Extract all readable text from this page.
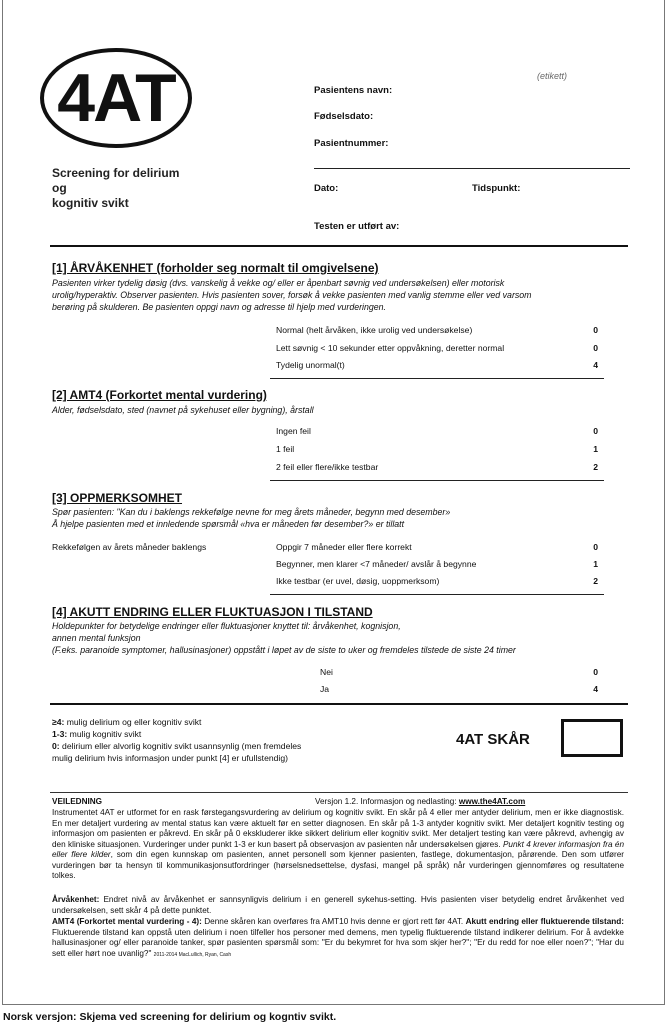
4AT
Screening for delirium
og
kognitiv svikt
(etikett)
Pasientens navn:
Fødselsdato:
Pasientnummer:
Dato:	Tidspunkt:
Testen er utført av:
[1] ÅRVÅKENHET (forholder seg normalt til omgivelsene)
Pasienten virker tydelig døsig (dvs. vanskelig å vekke og/ eller er åpenbart søvnig ved undersøkelsen) eller motorisk
urolig/hyperaktiv. Observer pasienten. Hvis pasienten sover, forsøk å vekke pasienten med vanlig stemme eller ved varsom
berøring på skulderen. Be pasienten oppgi navn og adresse til hjelp med vurderingen.
Normal (helt årvåken, ikke urolig ved undersøkelse)	0
Lett søvnig < 10 sekunder etter oppvåkning, deretter normal	0
Tydelig unormal(t)	4
[2] AMT4 (Forkortet mental vurdering)
Alder, fødselsdato, sted (navnet på sykehuset eller bygning), årstall
Ingen feil	0
1 feil	1
2 feil eller flere/ikke testbar	2
[3] OPPMERKSOMHET
Spør pasienten: "Kan du i baklengs rekkefølge nevne for meg årets måneder, begynn med desember»
Å hjelpe pasienten med et innledende spørsmål «hva er måneden før desember?» er tillatt
Rekkefølgen av årets måneder baklengs	Oppgir 7 måneder eller flere korrekt	0
Begynner, men klarer <7 måneder/ avslår å begynne	1
Ikke testbar (er uvel, døsig, uoppmerksom)	2
[4] AKUTT ENDRING ELLER FLUKTUASJON I TILSTAND
Holdepunkter for betydelige endringer eller fluktuasjoner knyttet til: årvåkenhet, kognisjon,
annen mental funksjon
(F.eks. paranoide symptomer, hallusinasjoner) oppstått i løpet av de siste to uker og fremdeles tilstede de siste 24 timer
Nei	0
Ja	4
≥4: mulig delirium og eller kognitiv svikt
1-3: mulig kognitiv svikt
0: delirium eller alvorlig kognitiv svikt usannsynlig (men fremdeles mulig delirium hvis informasjon under punkt [4] er ufullstendig)
4AT SKÅR
VEILEDNING	Versjon 1.2. Informasjon og nedlasting: www.the4AT.com
Instrumentet 4AT er utformet for en rask førstegangsvurdering av delirium og kognitiv svikt. En skår på 4 eller mer antyder delirium, men er ikke diagnostisk. En mer detaljert vurdering av mental status kan være aktuelt før en setter diagnosen. En skår på 1-3 antyder kognitiv svikt. Mer detaljert kognitiv testing og informasjon om pasienten er påkrevd. En skår på 0 ekskluderer ikke sikkert delirium eller kognitiv svikt. Mer detaljert testing kan være påkrevd, avhengig av den kliniske situasjonen. Vurderinger under punkt 1-3 er kun basert på observasjon av pasienten når undersøkelsen gjøres. Punkt 4 krever informasjon fra én eller flere kilder, som din egen kunnskap om pasienten, annet personell som kjenner pasienten, fastlege, dokumentasjon, pårørende. Den som utfører vurderingen bør ta hensyn til kommunikasjonsutfordringer (hørselsnedsettelse, dysfasi, mangel på språk) når vurderingen gjennomføres og resultatene tolkes.
Årvåkenhet: Endret nivå av årvåkenhet er sannsynligvis delirium i en generell sykehus-setting. Hvis pasienten viser betydelig endret årvåkenhet ved undersøkelsen, sett skår 4 på dette punktet.
AMT4 (Forkortet mental vurdering - 4): Denne skåren kan overføres fra AMT10 hvis denne er gjort rett før 4AT. Akutt endring eller fluktuerende tilstand: Fluktuerende tilstand kan oppstå uten delirium i noen tilfeller hos personer med demens, men typelig fluktuerende tilstand indikerer delirium. For å avdekke hallusinasjoner og/ eller paranoide tanker, spør pasienten spørsmål som: "Er du bekymret for hva som skjer her?"; "Er du redd for noe eller noen?"; "Har du sett eller hørt noe uvanlig?" 2011-2014 MacLullich, Ryan, Cash
Norsk versjon: Skjema ved screening for delirium og kogntiv svikt.
